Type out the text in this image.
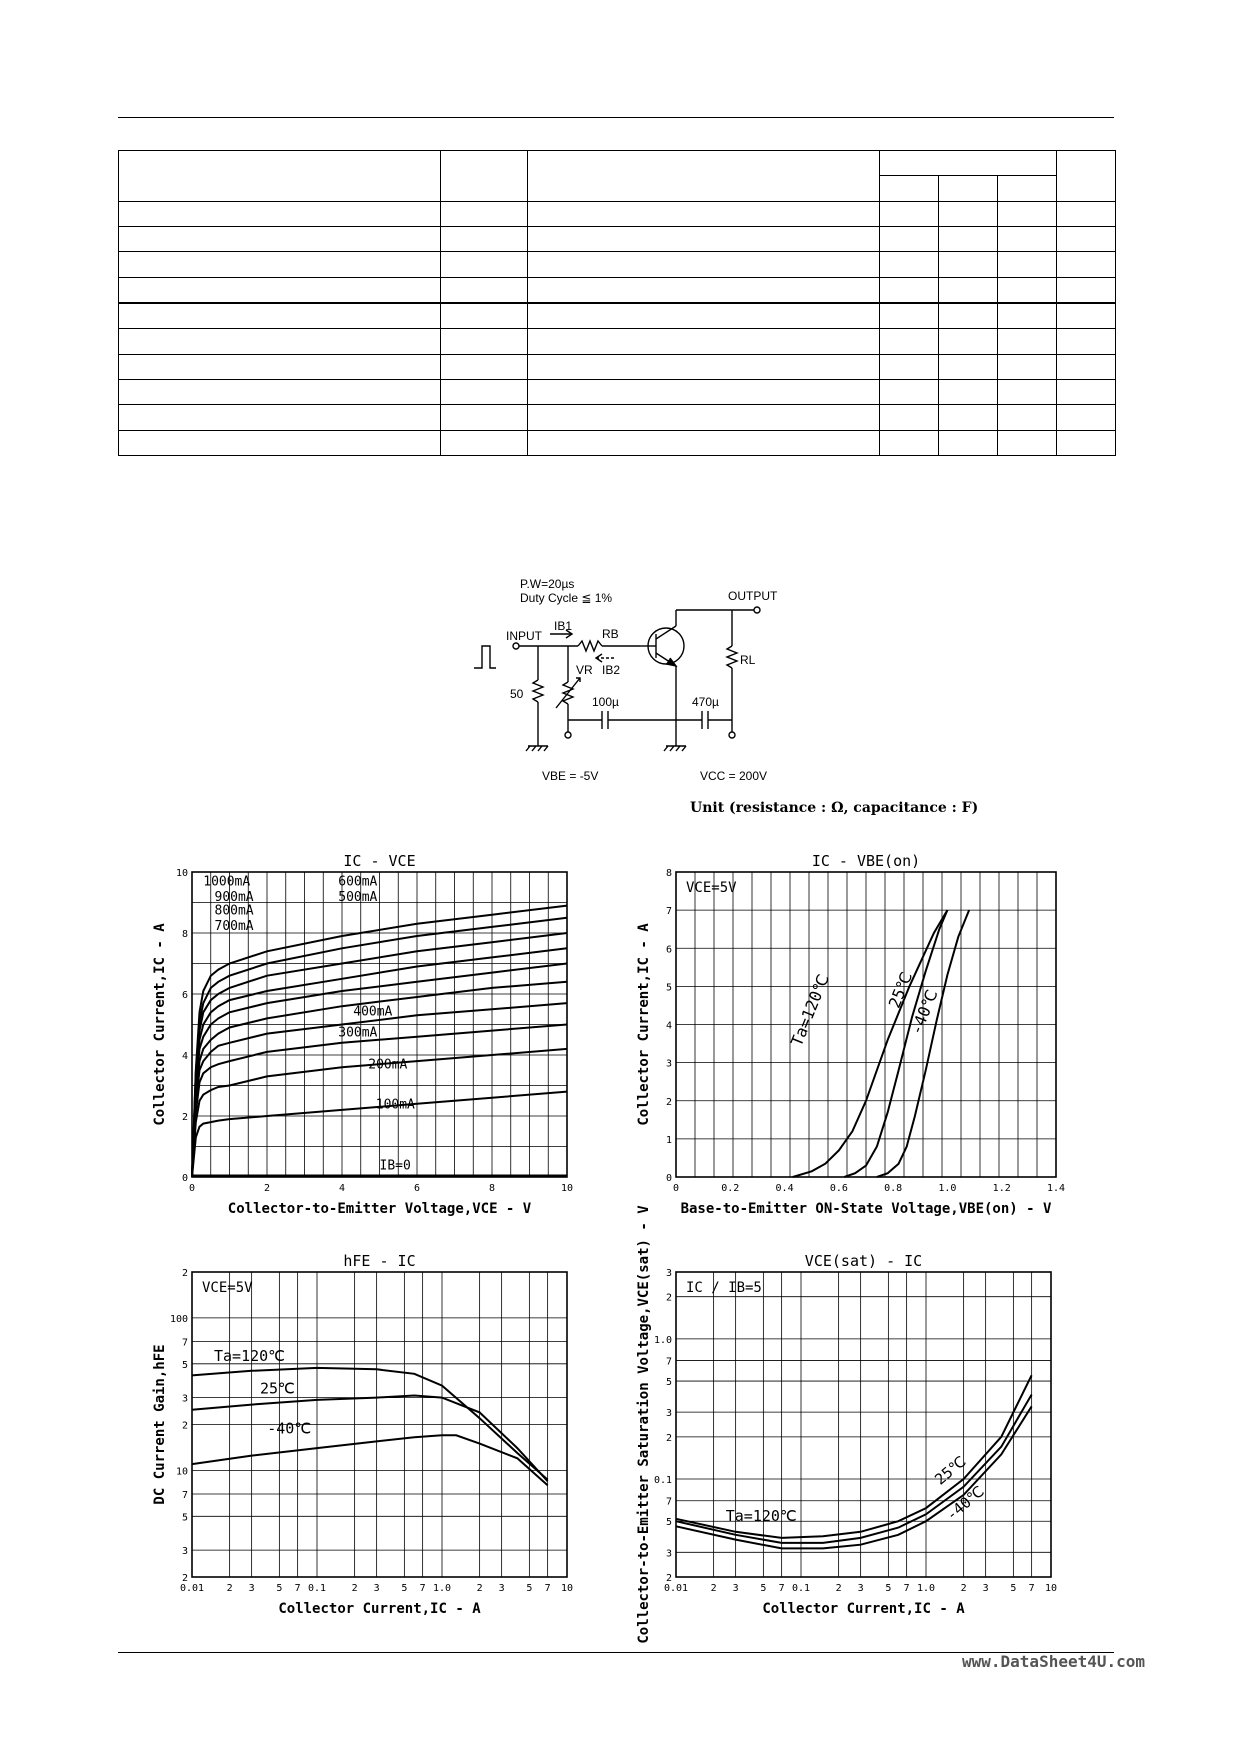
P.W=20µs
Duty Cycle ≦ 1%
INPUT
OUTPUT
IB1
IB2
RB
VR
RL
50
100µ	470µ
VBE = -5V	VCC = 200V
Unit (resistance : Ω, capacitance : F)
0	2	4	6	8	10
0
2
4
6
8
10
IC - VCE
Collector-to-Emitter Voltage,VCE - V
Collector Current,IC - A
1000mA
900mA
800mA
700mA
600mA
500mA
400mA
300mA
200mA
100mA
IB=0
0	0.2	0.4	0.6	0.8	1.0	1.2	1.4
0
1
2
3
4
5
6
7
8
IC - VBE(on)
Base-to-Emitter ON-State Voltage,VBE(on) - V
Collector Current,IC - A
VCE=5V
Ta=120℃	25℃
-40℃
0.01 2 3 5 7 0.1	2 3 5 7 1.0	2 3 5 7 10
2
3
5
7
10
2
3
5
7
100
2
hFE - IC
Collector Current,IC - A
DC Current Gain,hFE
VCE=5V
Ta=120℃
25℃
-40℃
0.01 2 3 5 7 0.1	2 3 5 7 1.0	2 3 5 7 10
2
3
5
7
0.1
2
3
5
7
1.0
2
3
VCE(sat) - IC
Collector Current,IC - A
Collector-to-Emitter Saturation Voltage,VCE(sat) - V IC / IB=5
Ta=120℃
25℃
-40℃
www.DataSheet4U.com
